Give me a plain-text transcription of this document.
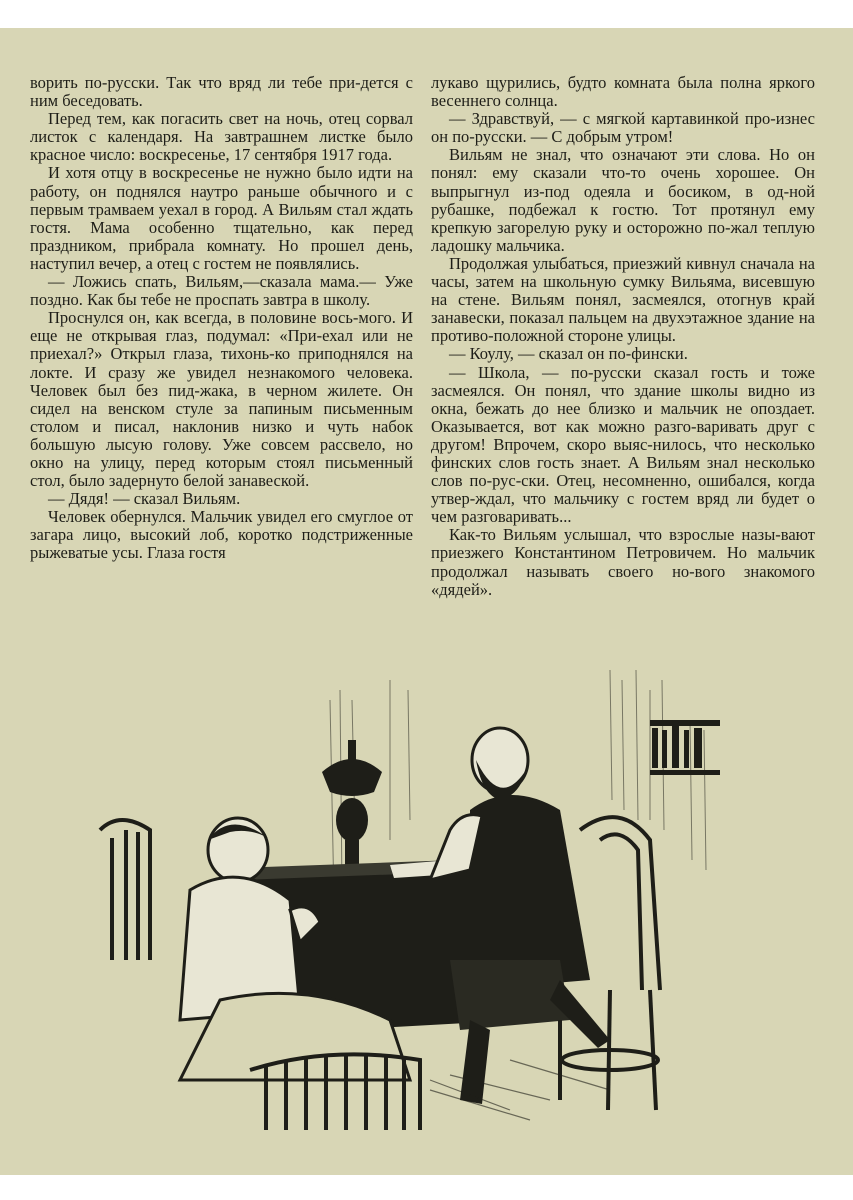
ворить по-русски. Так что вряд ли тебе при-дется с ним беседовать.

Перед тем, как погасить свет на ночь, отец сорвал листок с календаря. На завтрашнем листке было красное число: воскресенье, 17 сентября 1917 года.

И хотя отцу в воскресенье не нужно было идти на работу, он поднялся наутро раньше обычного и с первым трамваем уехал в город. А Вильям стал ждать гостя. Мама особенно тщательно, как перед праздником, прибрала комнату. Но прошел день, наступил вечер, а отец с гостем не появлялись.

— Ложись спать, Вильям,—сказала мама.— Уже поздно. Как бы тебе не проспать завтра в школу.

Проснулся он, как всегда, в половине вось-мого. И еще не открывая глаз, подумал: «При-ехал или не приехал?» Открыл глаза, тихонь-ко приподнялся на локте. И сразу же увидел незнакомого человека. Человек был без пид-жака, в черном жилете. Он сидел на венском стуле за папиным письменным столом и писал, наклонив низко и чуть набок большую лысую голову. Уже совсем рассвело, но окно на улицу, перед которым стоял письменный стол, было задернуто белой занавеской.

— Дядя! — сказал Вильям.

Человек обернулся. Мальчик увидел его смуглое от загара лицо, высокий лоб, коротко подстриженные рыжеватые усы. Глаза гостя

лукаво щурились, будто комната была полна яркого весеннего солнца.

— Здравствуй, — с мягкой картавинкой про-изнес он по-русски. — С добрым утром!

Вильям не знал, что означают эти слова. Но он понял: ему сказали что-то очень хорошее. Он выпрыгнул из-под одеяла и босиком, в од-ной рубашке, подбежал к гостю. Тот протянул ему крепкую загорелую руку и осторожно по-жал теплую ладошку мальчика.

Продолжая улыбаться, приезжий кивнул сначала на часы, затем на школьную сумку Вильяма, висевшую на стене. Вильям понял, засмеялся, отогнув край занавески, показал пальцем на двухэтажное здание на противо-положной стороне улицы.

— Коулу, — сказал он по-фински.

— Школа, — по-русски сказал гость и тоже засмеялся. Он понял, что здание школы видно из окна, бежать до нее близко и мальчик не опоздает. Оказывается, вот как можно разго-варивать друг с другом! Впрочем, скоро выяс-нилось, что несколько финских слов гость знает. А Вильям знал несколько слов по-рус-ски. Отец, несомненно, ошибался, когда утвер-ждал, что мальчику с гостем вряд ли будет о чем разговаривать...

Как-то Вильям услышал, что взрослые назы-вают приезжего Константином Петровичем. Но мальчик продолжал называть своего но-вого знакомого «дядей».
